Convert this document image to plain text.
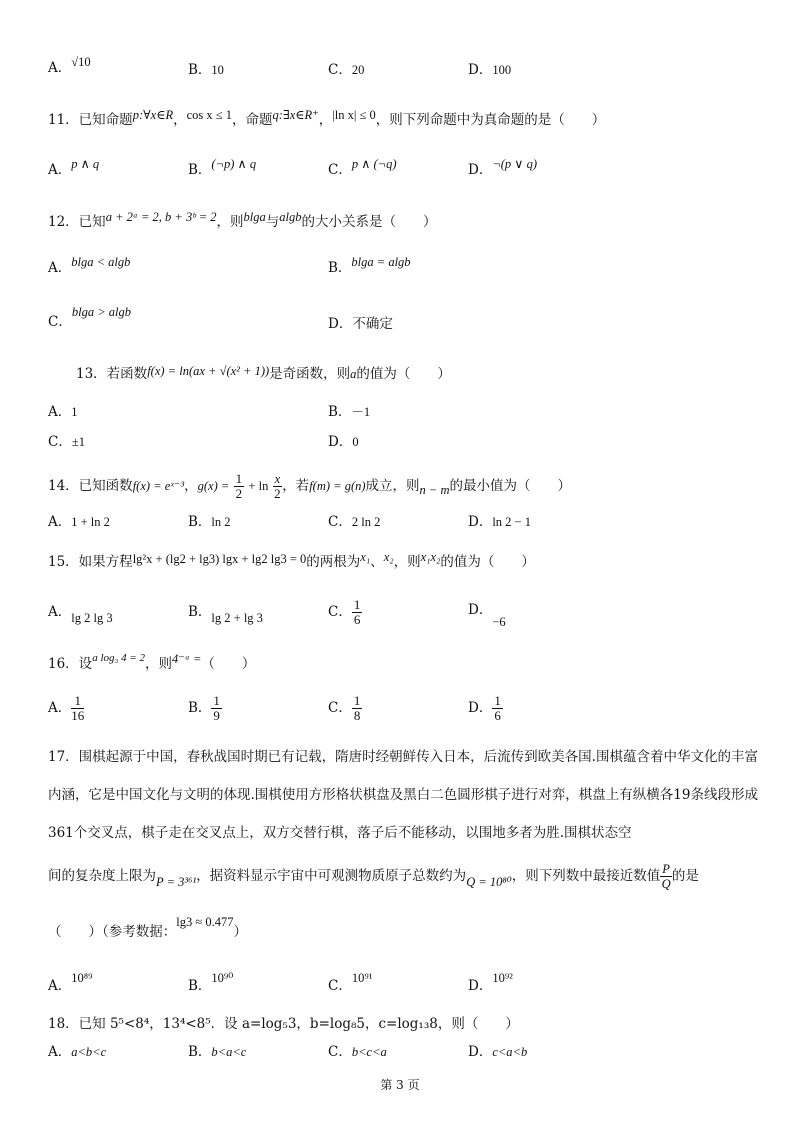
A．√10	B．10	C．20	D．100
11．已知命题p:∀x∈R，cos x ≤ 1，命题q:∃x∈R⁺，|ln x| ≤ 0，则下列命题中为真命题的是（　　）
A．p ∧ q	B．(¬p) ∧ q	C．p ∧ (¬q)	D．¬(p ∨ q)
12．已知a + 2ᵃ = 2, b + 3ᵇ = 2，则blga与algb的大小关系是（　　）
A．blga < algb	B．blga = algb
C．blga > algb
D．不确定
13．若函数f(x) = ln(ax + √(x² + 1))是奇函数，则a的值为（　　）
A．1	B．－1
C．±1	D．0
14．已知函数f(x) = eˣ⁻³，$g(x) = \frac{1}{2} + \ln \frac{x}{2}$ ，若f(m) = g(n)成立，则n − m的最小值为（　　）
A．1 + ln 2	B．ln 2	C．2 ln 2	D．ln 2 − 1
15．如果方程lg²x + (lg2 + lg3) lgx + lg2 lg3 = 0的两根为x₁、x₂，则x₁x₂的值为（　　）
A．lg 2 lg 3	B．lg 2 + lg 3	C． $\frac{1}{6}$	D．−6
16．设$^{a log_3 4 = 2}$，则4⁻ᵃ =（　　）
A． $\frac{1}{16}$	B． $\frac{1}{9}$	C． $\frac{1}{8}$	D． $\frac{1}{6}$
17．围棋起源于中国，春秋战国时期已有记载，隋唐时经朝鲜传入日本，后流传到欧美各国.围棋蕴含着中华文化的丰富内涵，它是中国文化与文明的体现.围棋使用方形格状棋盘及黑白二色圆形棋子进行对弈，棋盘上有纵横各19条线段形成361个交叉点，棋子走在交叉点上，双方交替行棋，落子后不能移动，以围地多者为胜.围棋状态空
间的复杂度上限为P = 3³⁶¹，据资料显示宇宙中可观测物质原子总数约为Q = 10⁸⁰，则下列数中最接近数值 $\frac{P}{Q}$ 的是
（　　）（参考数据：lg3 ≈ 0.477）
A．10⁸⁹	B．10⁹⁰	C．10⁹¹	D．10⁹²
18．已知 5⁵<8⁴，13⁴<8⁵．设 a=log₅3，b=log₈5，c=log₁₃8，则（　　）
A．a<b<c	B．b<a<c	C．b<c<a	D．c<a<b
第 3 页
